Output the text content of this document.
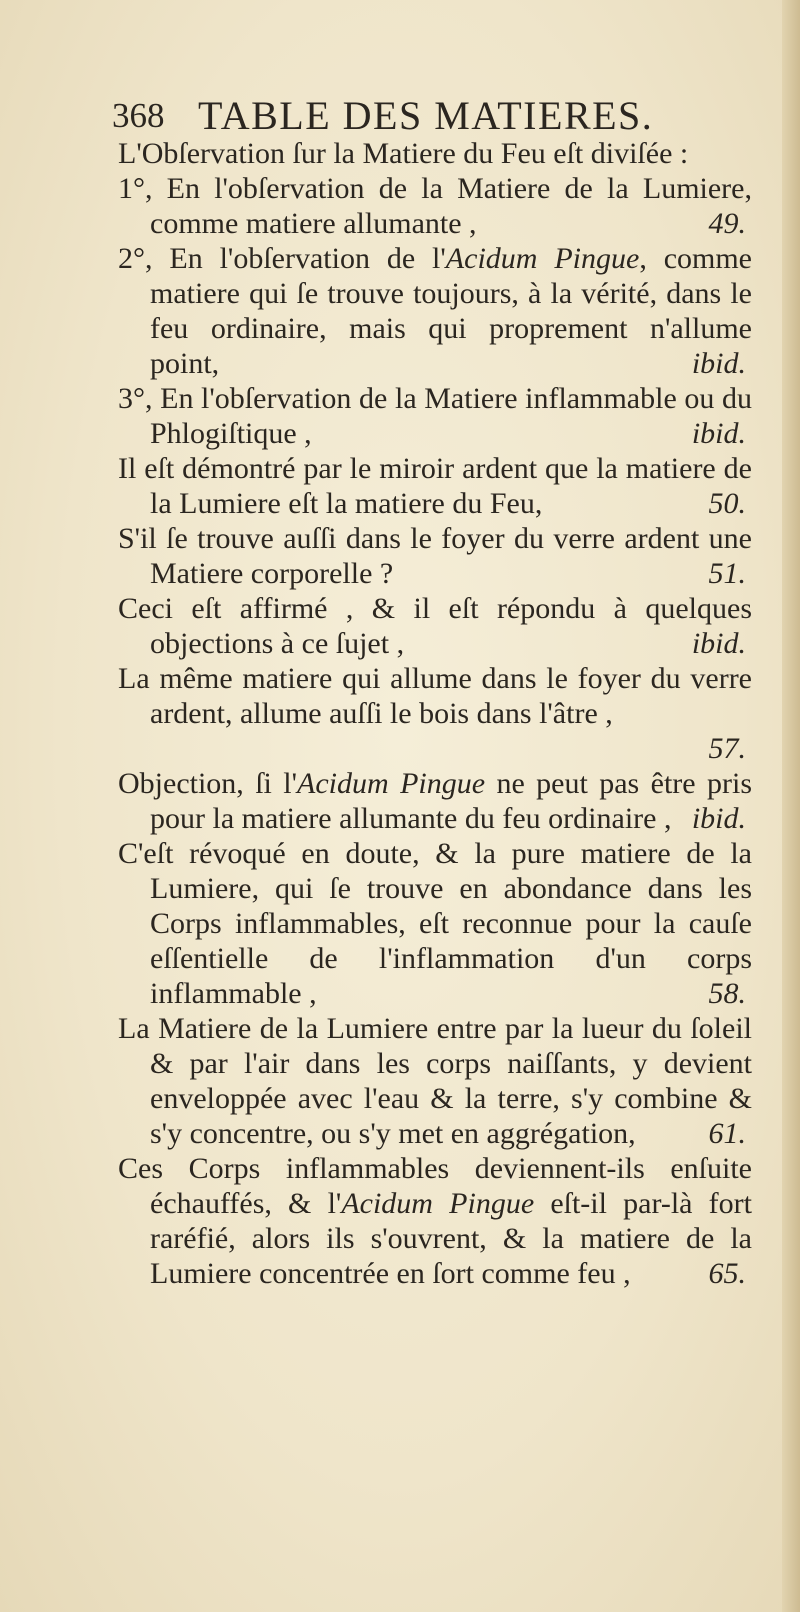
368 TABLE DES MATIERES.
L'Obſervation ſur la Matiere du Feu eſt diviſée :
1°, En l'obſervation de la Matiere de la Lumiere, comme matiere allumante ,	49.
2°, En l'obſervation de l'Acidum Pingue, comme matiere qui ſe trouve toujours, à la vérité, dans le feu ordinaire, mais qui proprement n'allume point,	ibid.
3°, En l'obſervation de la Matiere inflammable ou du Phlogiſtique ,	ibid.
Il eſt démontré par le miroir ardent que la matiere de la Lumiere eſt la matiere du Feu,	50.
S'il ſe trouve auſſi dans le foyer du verre ardent une Matiere corporelle ?	51.
Ceci eſt affirmé , & il eſt répondu à quelques objections à ce ſujet ,	ibid.
La même matiere qui allume dans le foyer du verre ardent, allume auſſi le bois dans l'âtre ,
57.
Objection, ſi l'Acidum Pingue ne peut pas être pris pour la matiere allumante du feu ordinaire , ibid.
C'eſt révoqué en doute, & la pure matiere de la Lumiere, qui ſe trouve en abondance dans les Corps inflammables, eſt reconnue pour la cauſe eſſentielle de l'inflammation d'un corps inflammable ,	58.
La Matiere de la Lumiere entre par la lueur du ſoleil & par l'air dans les corps naiſſants, y devient enveloppée avec l'eau & la terre, s'y combine & s'y concentre, ou s'y met en aggrégation,	61.
Ces Corps inflammables deviennent-ils enſuite échauffés, & l'Acidum Pingue eſt-il par-là fort raréfié, alors ils s'ouvrent, & la matiere de la Lumiere concentrée en ſort comme feu ,	65.
